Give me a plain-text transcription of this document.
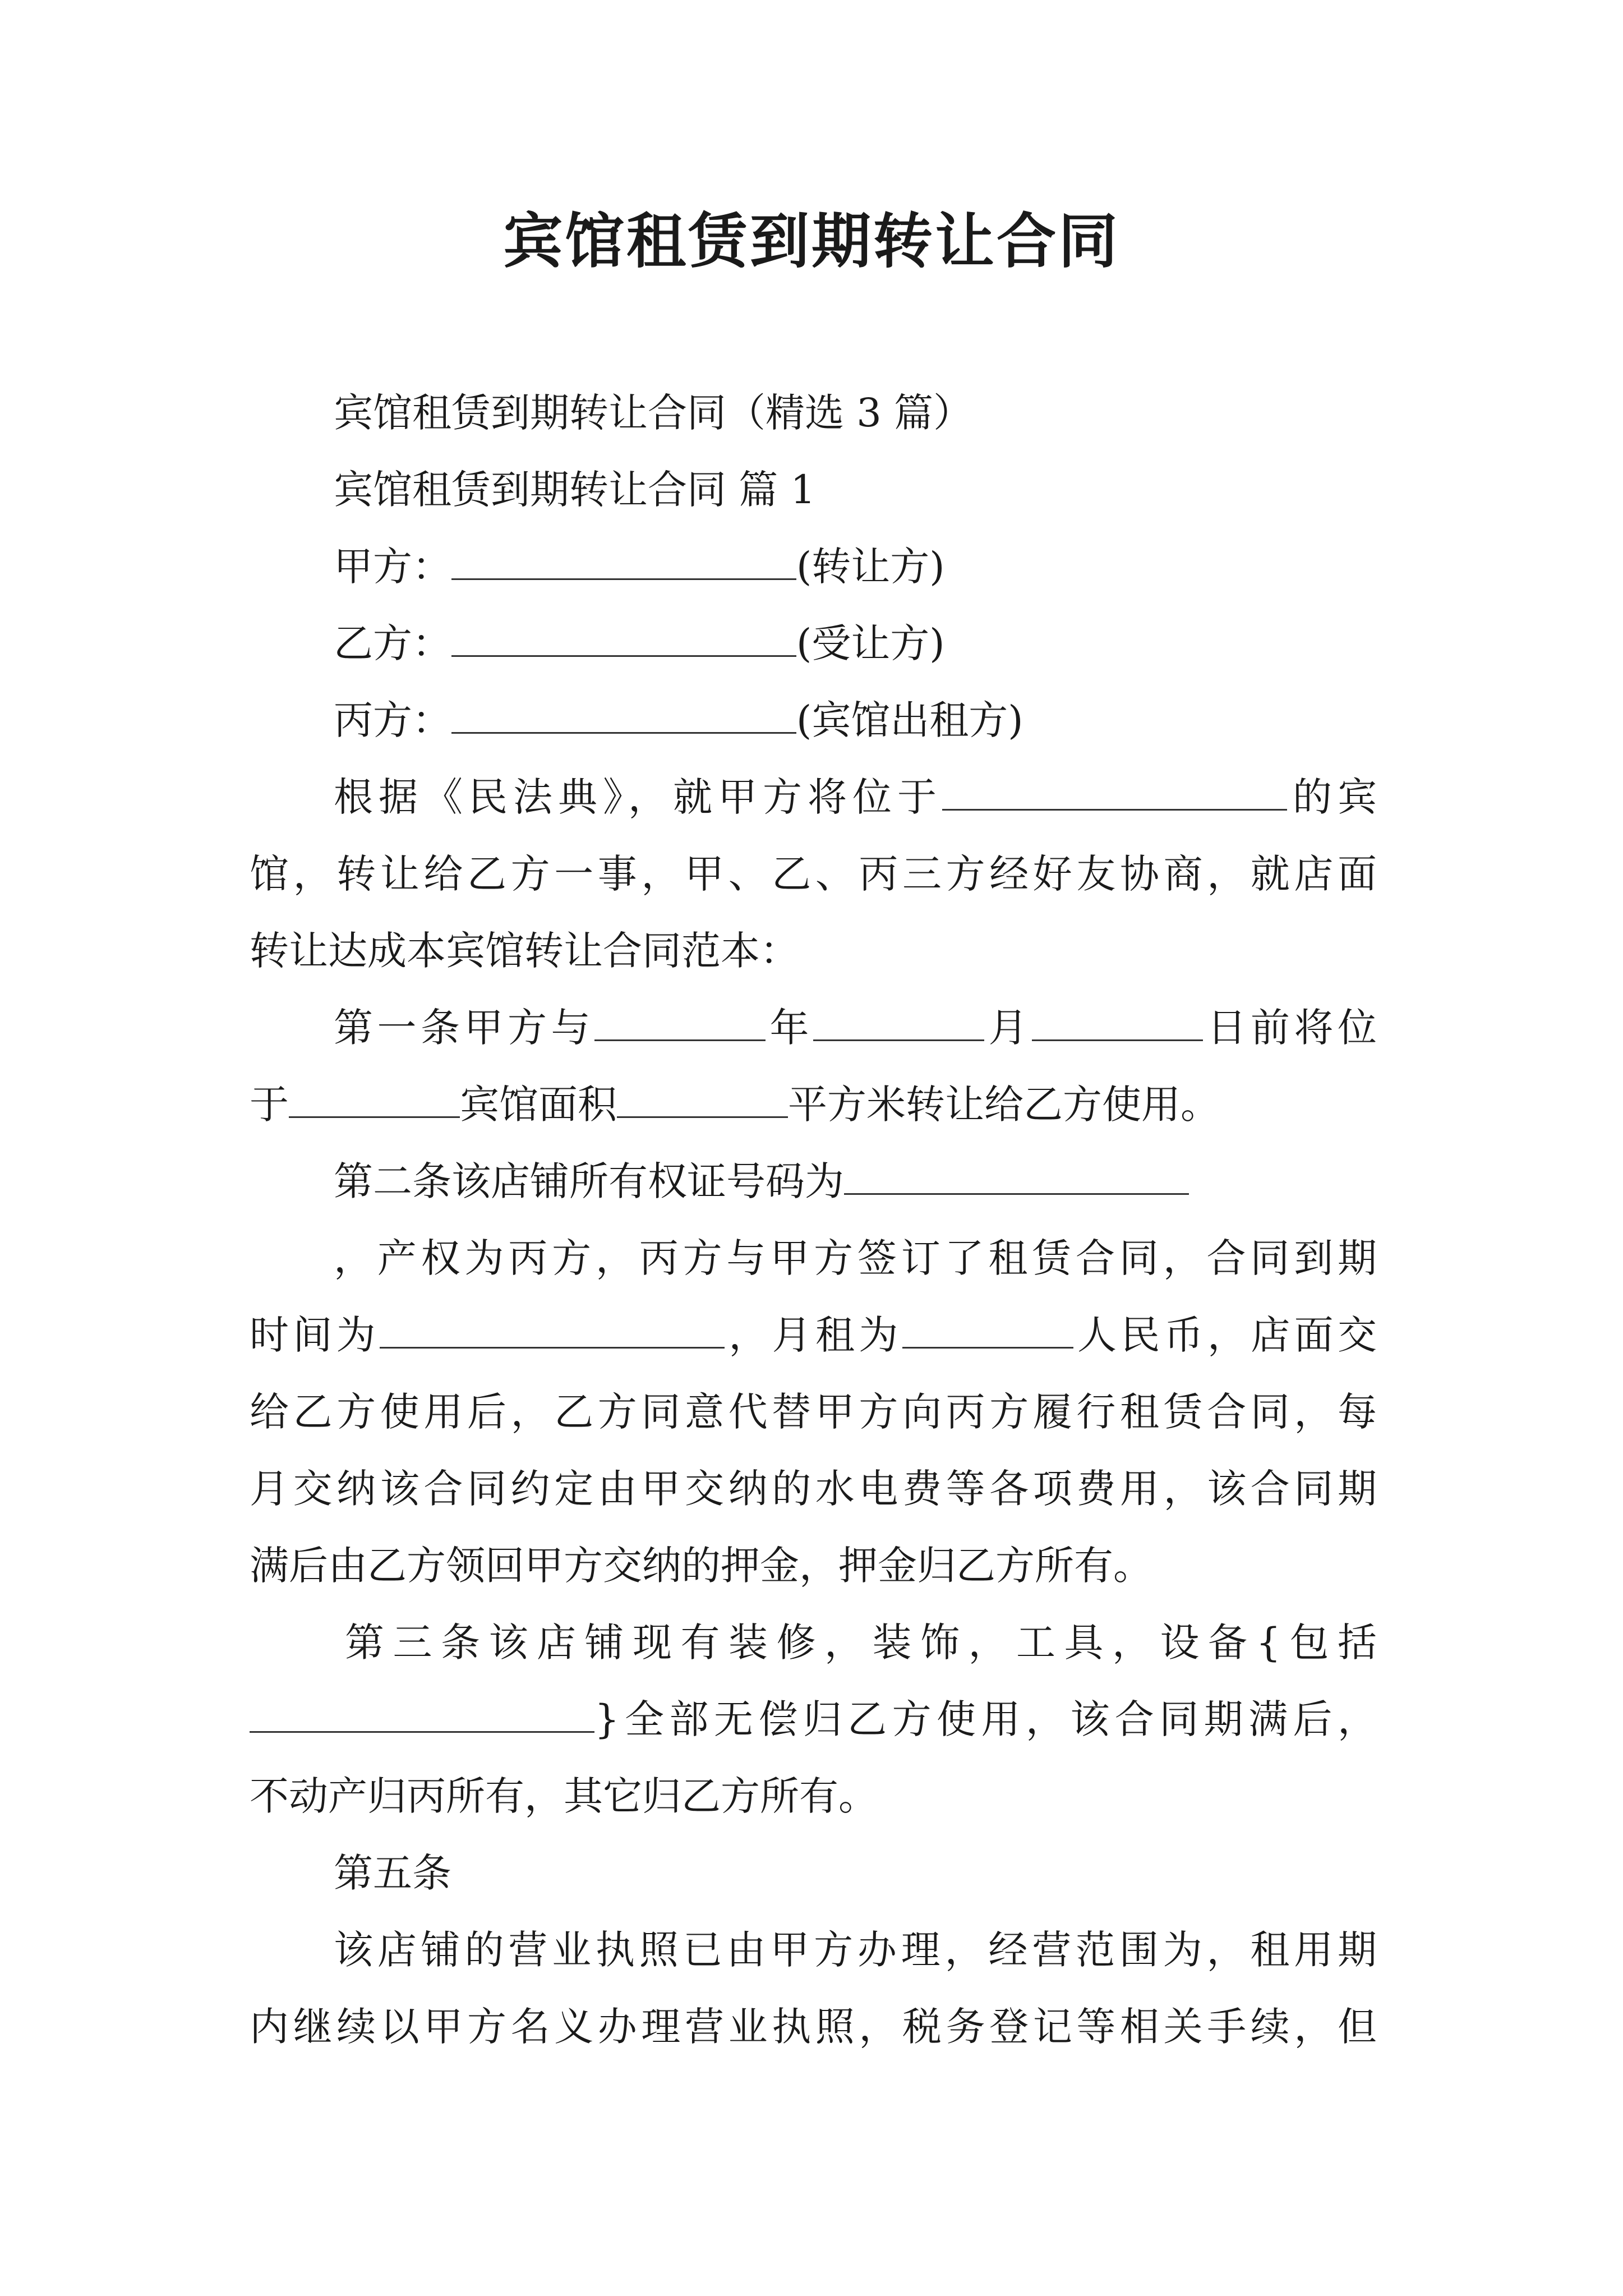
宾馆租赁到期转让合同
宾馆租赁到期转让合同（精选 3 篇）
宾馆租赁到期转让合同 篇 1
甲方：	(转让方)
乙方：	(受让方)
丙方：	(宾馆出租方)
根据《民法典》，就甲方将位于	的宾
馆，转让给乙方一事，甲、乙、丙三方经好友协商，就店面
转让达成本宾馆转让合同范本：
第一条甲方与	年	月	日前将位
于	宾馆面积	平方米转让给乙方使用。
第二条该店铺所有权证号码为
，产权为丙方，丙方与甲方签订了租赁合同，合同到期
时间为	，月租为	人民币，店面交
给乙方使用后，乙方同意代替甲方向丙方履行租赁合同，每
月交纳该合同约定由甲交纳的水电费等各项费用，该合同期
满后由乙方领回甲方交纳的押金，押金归乙方所有。
第三条该店铺现有装修，装饰，工具，设备{包括
}全部无偿归乙方使用，该合同期满后，
不动产归丙所有，其它归乙方所有。
第五条
该店铺的营业执照已由甲方办理，经营范围为，租用期
内继续以甲方名义办理营业执照，税务登记等相关手续，但
